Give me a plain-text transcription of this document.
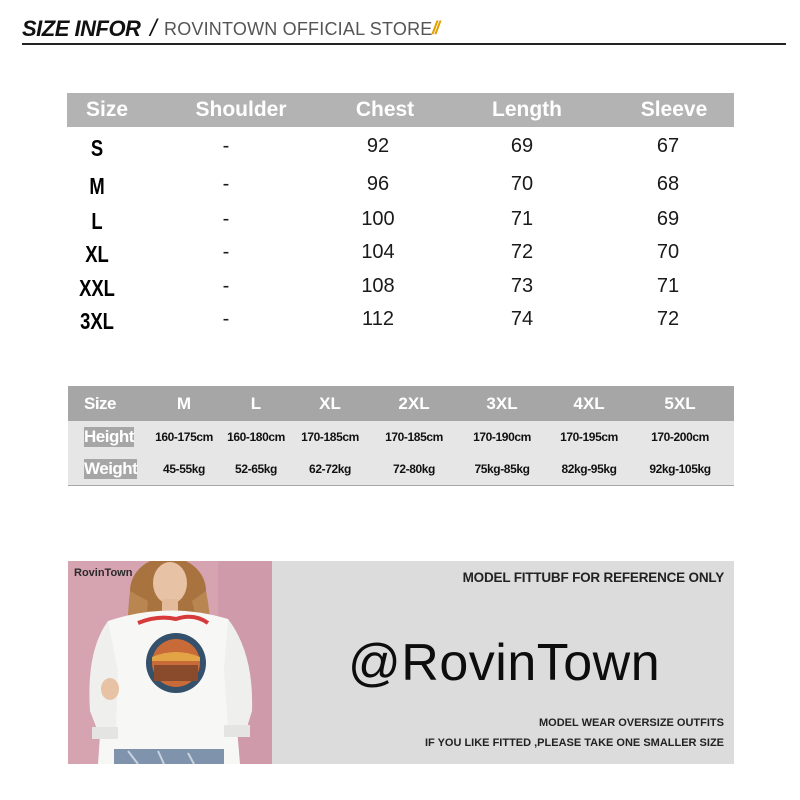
SIZE INFOR / ROVINTOWN OFFICIAL STORE //
Size	Shoulder	Chest	Length	Sleeve
S	-	92	69	67
M	-	96	70	68
L	-	100	71	69
XL	-	104	72	70
XXL	-	108	73	71
3XL	-	112	74	72
Size	M	L	XL	2XL	3XL	4XL	5XL
Height 160-175cm 160-180cm 170-185cm 170-185cm	170-190cm 170-195cm	170-200cm
Weight 45-55kg	52-65kg	62-72kg	72-80kg	75kg-85kg	82kg-95kg	92kg-105kg
RovinTown	MODEL FITTUBF FOR REFERENCE ONLY
@RovinTown
MODEL WEAR OVERSIZE OUTFITS
IF YOU LIKE FITTED ,PLEASE TAKE ONE SMALLER SIZE
